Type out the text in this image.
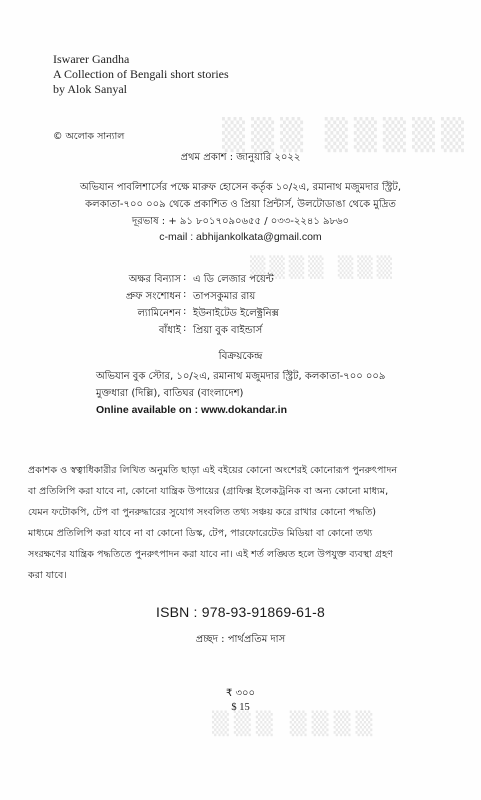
▒▒▒ ▒▒▒▒▒
▒▒▒▒ ▒▒▒
▒▒▒ ▒▒▒▒
Iswarer Gandha
A Collection of Bengali short stories
by Alok Sanyal
© অলোক সান্যাল
প্রথম প্রকাশ : জানুয়ারি ২০২২
অভিযান পাবলিশার্সের পক্ষে মারুফ হোসেন কর্তৃক ১০/২এ, রমানাথ মজুমদার স্ট্রিট,
কলকাতা-৭০০ ০০৯ থেকে প্রকাশিত ও প্রিয়া প্রিন্টার্স, উলটোডাঙা থেকে মুদ্রিত
দূরভাষ : + ৯১ ৮০১৭০৯০৬৫৫ / ০৩৩-২২৪১ ৯৮৬০
c-mail : abhijankolkata@gmail.com
অক্ষর বিন্যাস : এ ডি লেজার পয়েন্ট
প্রুফ সংশোধন : তাপসকুমার রায়
ল্যামিনেশন : ইউনাইটেড ইলেক্ট্রনিক্স
বাঁধাই : প্রিয়া বুক বাইন্ডার্স
বিক্রয়কেন্দ্র
অভিযান বুক স্টোর, ১০/২এ, রমানাথ মজুমদার স্ট্রিট, কলকাতা-৭০০ ০০৯
মুক্তধারা (দিল্লি), বাতিঘর (বাংলাদেশ)
Online available on : www.dokandar.in
প্রকাশক ও স্বত্বাধিকারীর লিখিত অনুমতি ছাড়া এই বইয়ের কোনো অংশেরই কোনোরূপ পুনরুৎপাদন
বা প্রতিলিপি করা যাবে না, কোনো যান্ত্রিক উপায়ের (গ্রাফিক্স ইলেকট্রনিক বা অন্য কোনো মাধ্যম,
যেমন ফটোকপি, টেপ বা পুনরুদ্ধারের সুযোগ সংবলিত তথ্য সঞ্চয় করে রাখার কোনো পদ্ধতি)
মাধ্যমে প্রতিলিপি করা যাবে না বা কোনো ডিস্ক, টেপ, পারফোরেটেড মিডিয়া বা কোনো তথ্য
সংরক্ষণের যান্ত্রিক পদ্ধতিতে পুনরুৎপাদন করা যাবে না। এই শর্ত লঙ্ঘিত হলে উপযুক্ত ব্যবস্থা গ্রহণ
করা যাবে।
ISBN : 978-93-91869-61-8
প্রচ্ছদ : পার্থপ্রতিম দাস
₹ ৩০০
$ 15
